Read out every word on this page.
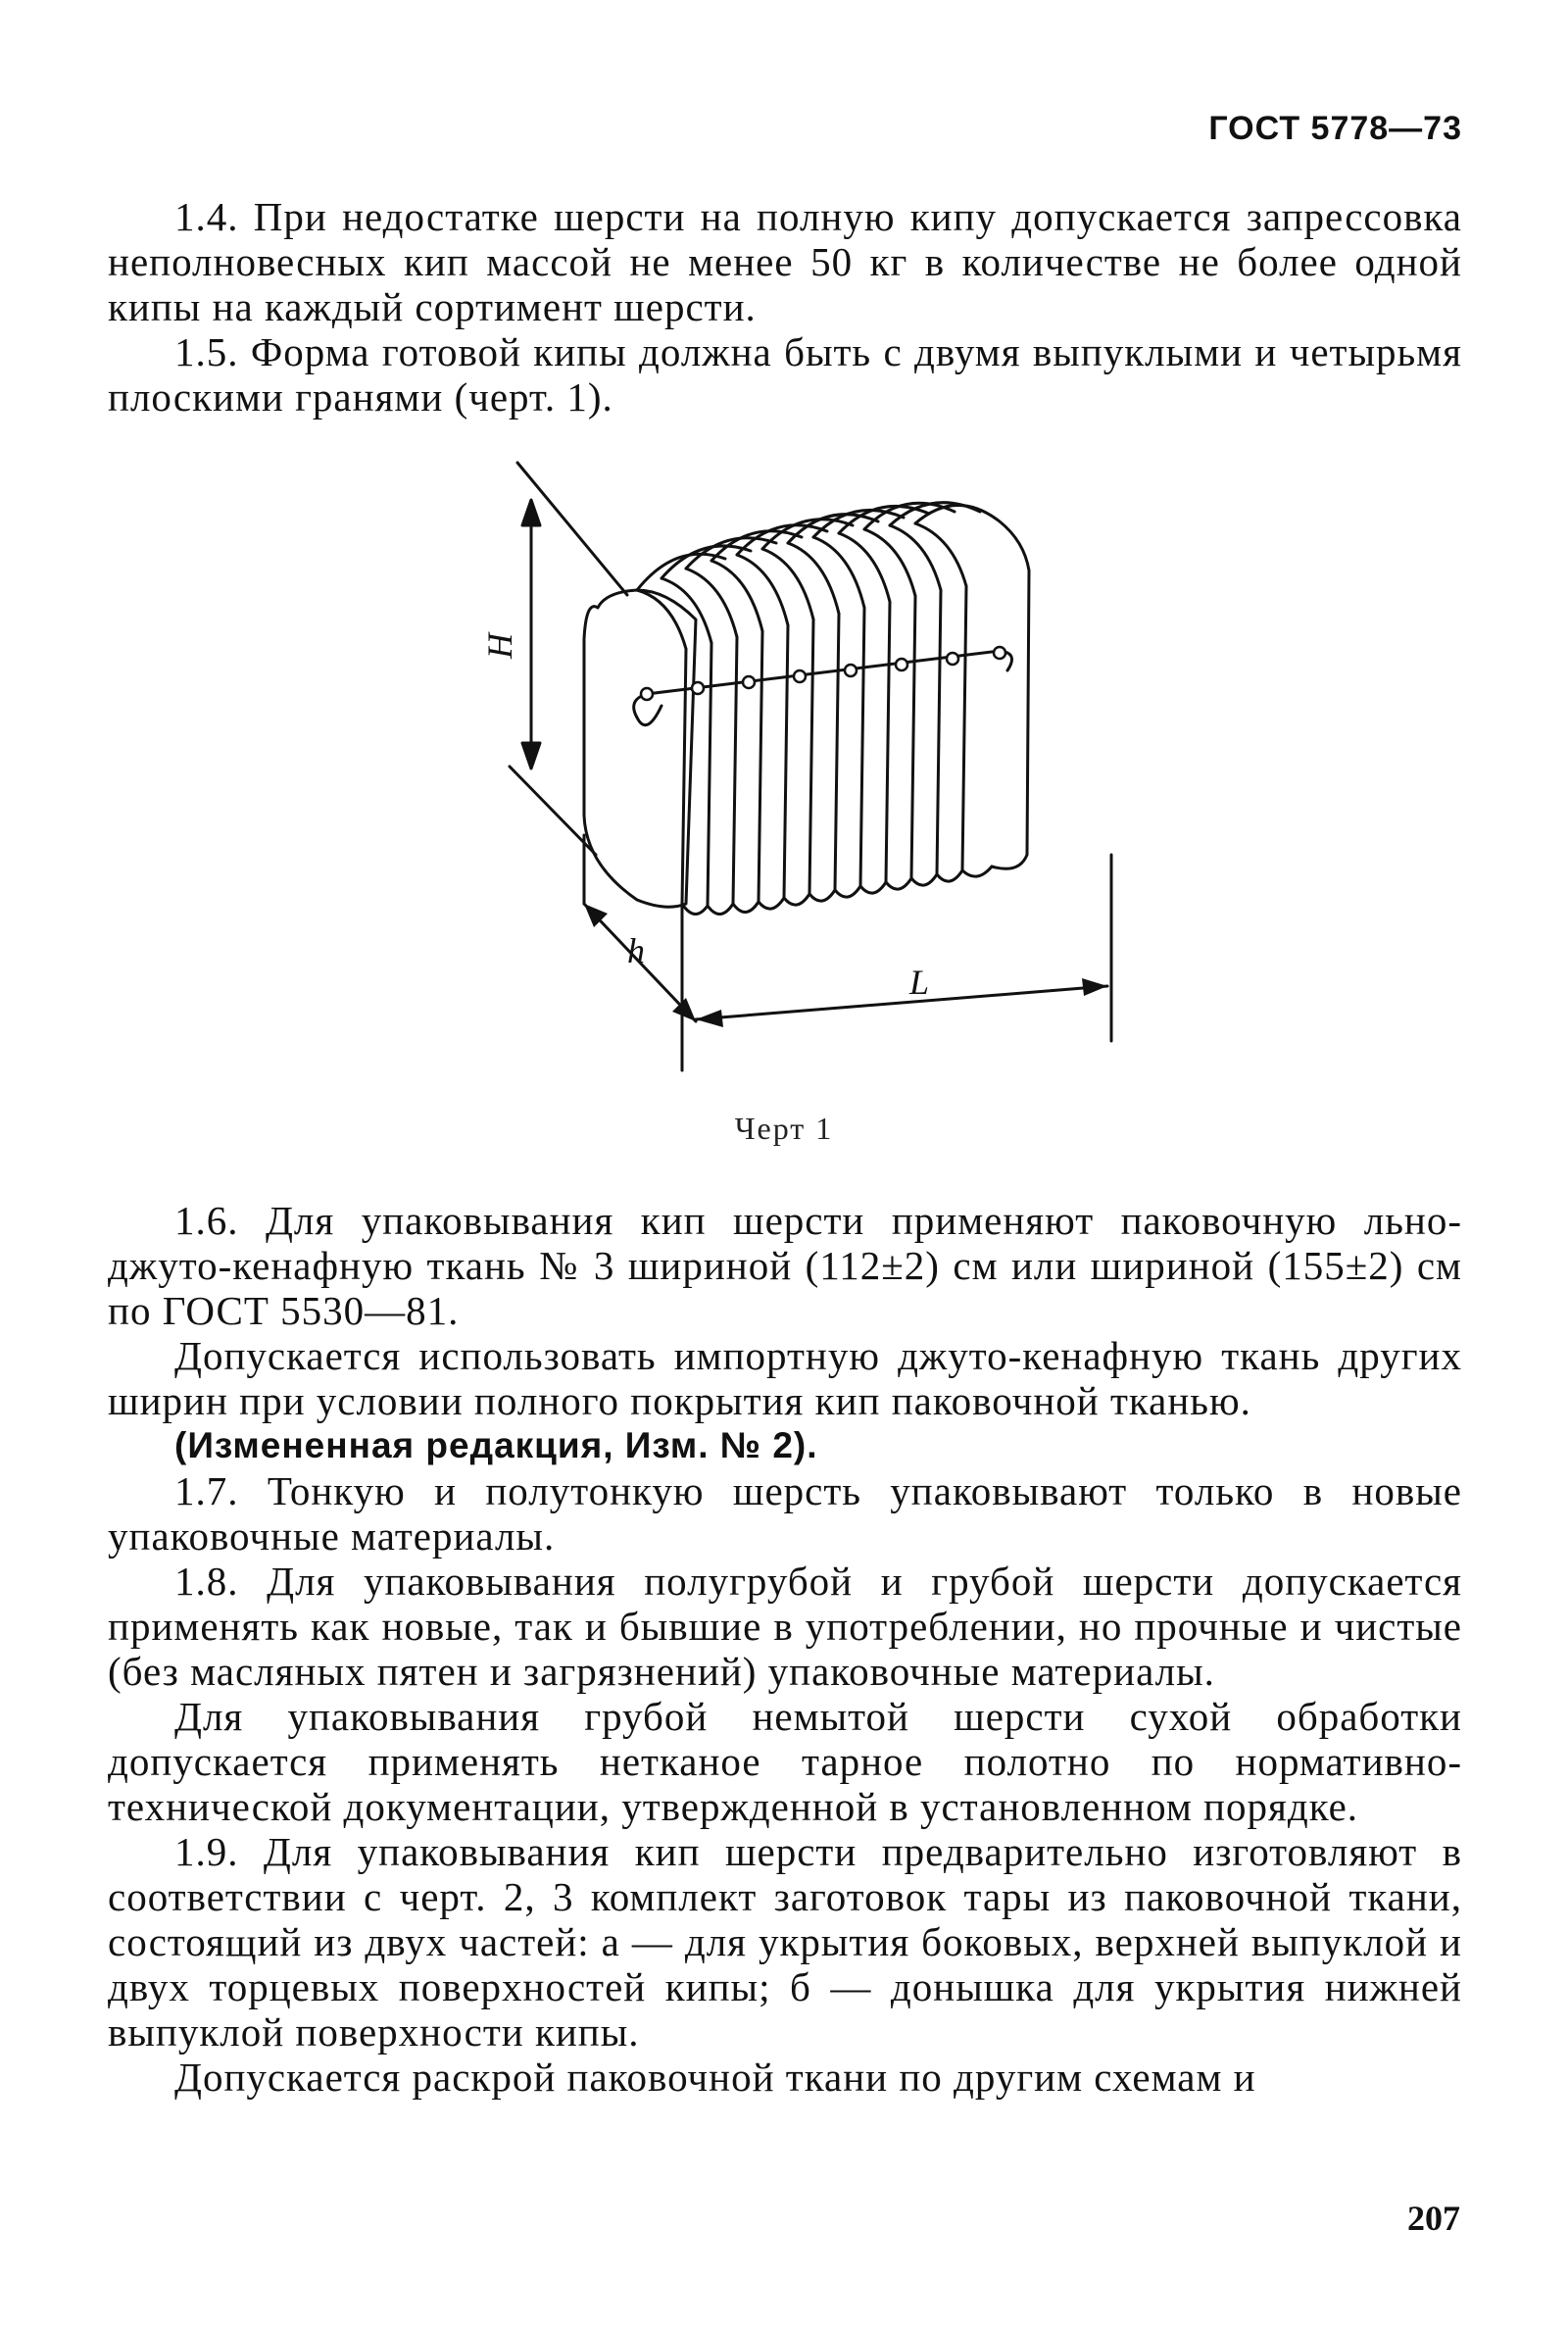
ГОСТ 5778—73

1.4. При недостатке шерсти на полную кипу допускается запрессовка неполновесных кип массой не менее 50 кг в количестве не более одной кипы на каждый сортимент шерсти.

1.5. Форма готовой кипы должна быть с двумя выпуклыми и четырьмя плоскими гранями (черт. 1).

H
h
L
Черт 1

1.6. Для упаковывания кип шерсти применяют паковочную льно-джуто-кенафную ткань № 3 шириной (112±2) см или шириной (155±2) см по ГОСТ 5530—81.

Допускается использовать импортную джуто-кенафную ткань других ширин при условии полного покрытия кип паковочной тканью.

(Измененная редакция, Изм. № 2).

1.7. Тонкую и полутонкую шерсть упаковывают только в новые упаковочные материалы.

1.8. Для упаковывания полугрубой и грубой шерсти допускается применять как новые, так и бывшие в употреблении, но прочные и чистые (без масляных пятен и загрязнений) упаковочные материалы.

Для упаковывания грубой немытой шерсти сухой обработки допускается применять нетканое тарное полотно по нормативно-технической документации, утвержденной в установленном порядке.

1.9. Для упаковывания кип шерсти предварительно изготовляют в соответствии с черт. 2, 3 комплект заготовок тары из паковочной ткани, состоящий из двух частей: а — для укрытия боковых, верхней выпуклой и двух торцевых поверхностей кипы; б — донышка для укрытия нижней выпуклой поверхности кипы.

Допускается раскрой паковочной ткани по другим схемам и

207
